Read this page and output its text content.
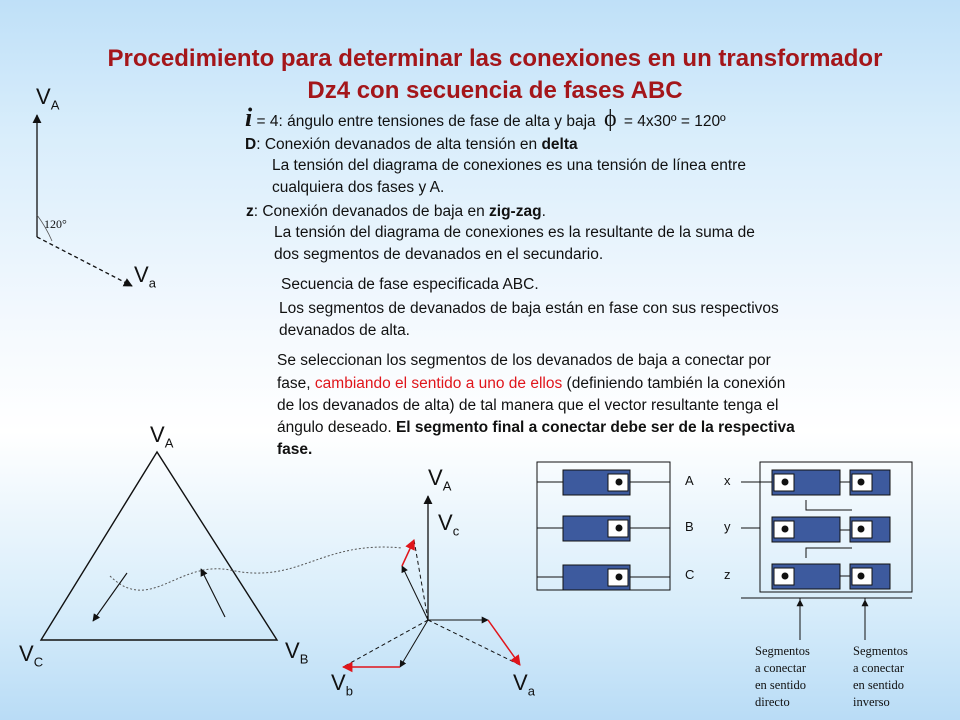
Procedimiento para determinar las conexiones en un transformador
Dz4 con secuencia de fases ABC
i = 4: ángulo entre tensiones de fase de alta y baja ϕ = 4x30º = 120º
D: Conexión devanados de alta tensión en delta
La tensión del diagrama de conexiones es una tensión de línea entre
cualquiera dos fases y A.
z: Conexión devanados de baja en zig-zag.
La tensión del diagrama de conexiones es la resultante de la suma de
dos segmentos de devanados en el secundario.
Secuencia de fase especificada ABC.
Los segmentos de devanados de baja están en fase con sus respectivos
devanados de alta.
Se seleccionan los segmentos de los devanados de baja a conectar por
fase, cambiando el sentido a uno de ellos (definiendo también la conexión
de los devanados de alta) de tal manera que el vector resultante tenga el
ángulo deseado. El segmento final a conectar debe ser de la respectiva
fase.
$V_A$
$V_a$
120°
$V_A$
$V_C$	$V_B$
$V_A$
$V_c$
$V_b$	$V_a$
A
B
C
x
y
z
Segmentos
a conectar
en sentido
directo
Segmentos
a conectar
en sentido
inverso
